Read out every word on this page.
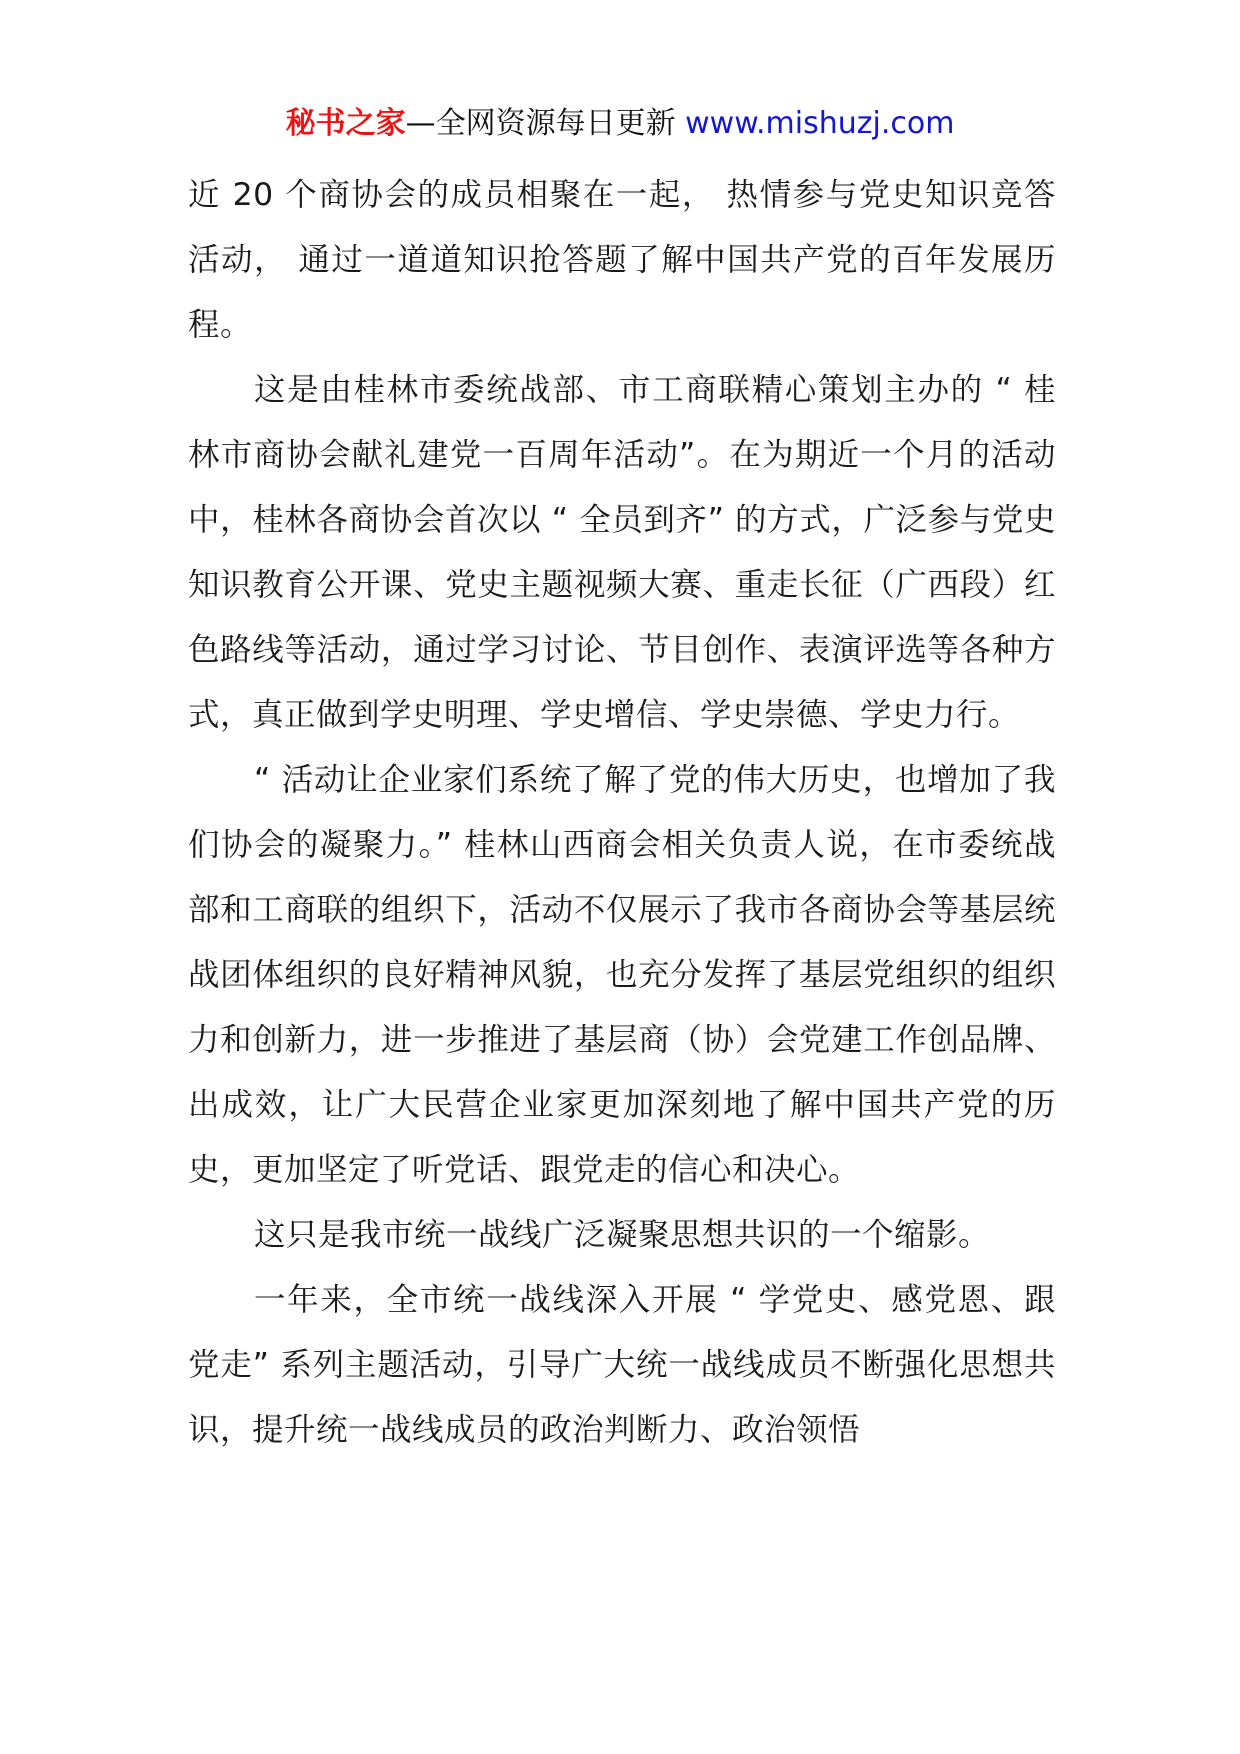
秘书之家—全网资源每日更新 www.mishuzj.com

近 20 个商协会的成员相聚在一起， 热情参与党史知识竞答活动， 通过一道道知识抢答题了解中国共产党的百年发展历程。

这是由桂林市委统战部、市工商联精心策划主办的 “ 桂林市商协会献礼建党一百周年活动”。在为期近一个月的活动中，桂林各商协会首次以 “ 全员到齐” 的方式，广泛参与党史知识教育公开课、党史主题视频大赛、重走长征（广西段）红色路线等活动，通过学习讨论、节目创作、表演评选等各种方式，真正做到学史明理、学史增信、学史崇德、学史力行。

“ 活动让企业家们系统了解了党的伟大历史，也增加了我们协会的凝聚力。” 桂林山西商会相关负责人说，在市委统战部和工商联的组织下，活动不仅展示了我市各商协会等基层统战团体组织的良好精神风貌，也充分发挥了基层党组织的组织力和创新力，进一步推进了基层商（协）会党建工作创品牌、出成效，让广大民营企业家更加深刻地了解中国共产党的历史，更加坚定了听党话、跟党走的信心和决心。

这只是我市统一战线广泛凝聚思想共识的一个缩影。

一年来，全市统一战线深入开展 “ 学党史、感党恩、跟党走” 系列主题活动，引导广大统一战线成员不断强化思想共识，提升统一战线成员的政治判断力、政治领悟
